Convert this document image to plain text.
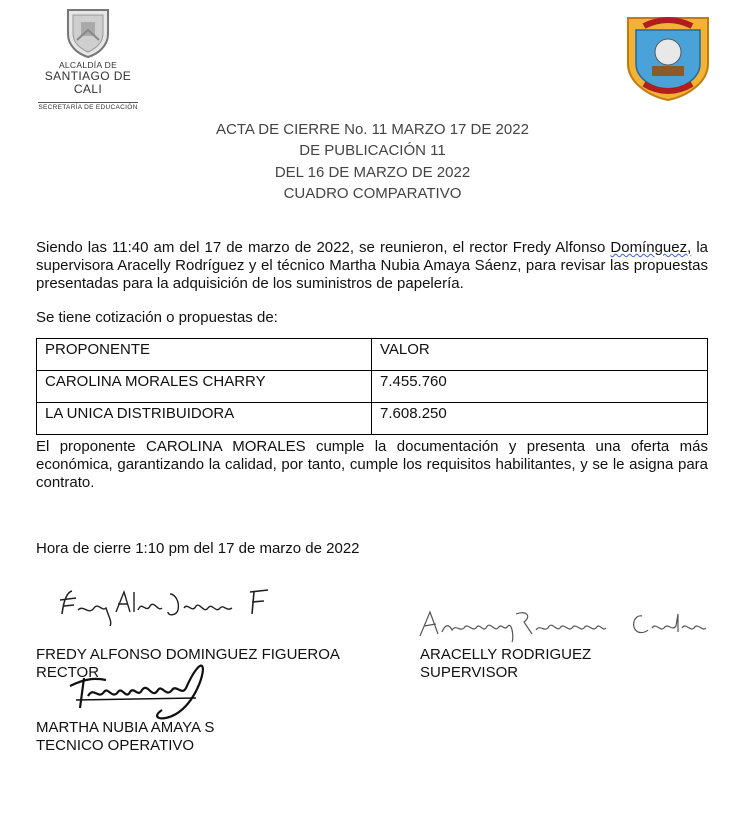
ALCALDÍA DE
SANTIAGO DE CALI
SECRETARÍA DE EDUCACIÓN
ACTA DE CIERRE No. 11 MARZO 17 DE 2022
DE PUBLICACIÓN 11
DEL 16 DE MARZO DE 2022
CUADRO COMPARATIVO
Siendo las 11:40 am del 17 de marzo de 2022, se reunieron, el rector Fredy Alfonso Domínguez, la supervisora Aracelly Rodríguez y el técnico Martha Nubia Amaya Sáenz, para revisar las propuestas presentadas para la adquisición de los suministros de papelería.
Se tiene cotización o propuestas de:
PROPONENTE	VALOR
CAROLINA MORALES CHARRY	7.455.760
LA UNICA DISTRIBUIDORA	7.608.250
El proponente CAROLINA MORALES cumple la documentación y presenta una oferta más económica, garantizando la calidad, por tanto, cumple los requisitos habilitantes, y se le asigna para contrato.
Hora de cierre 1:10 pm del 17 de marzo de 2022
FREDY ALFONSO DOMINGUEZ FIGUEROA
RECTOR
MARTHA NUBIA AMAYA S
TECNICO OPERATIVO
ARACELLY RODRIGUEZ
SUPERVISOR
